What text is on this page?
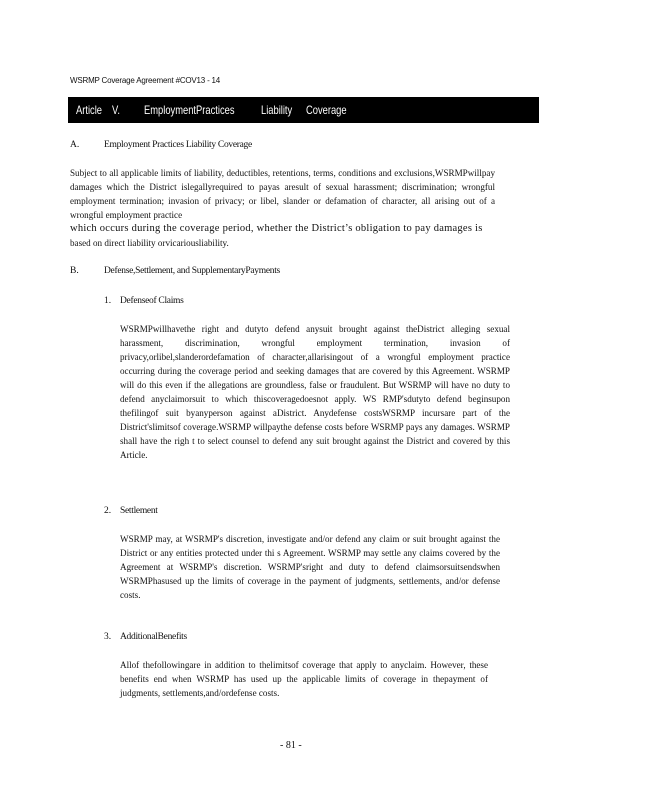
WSRMP Coverage Agreement #COV13 - 14
Article V. EmploymentPractices Liability Coverage
A.	Employment Practices Liability Coverage

Subject to all applicable limits of liability, deductibles, retentions, terms, conditions and exclusions,WSRMPwillpay damages which the District islegallyrequired to payas aresult of sexual harassment; discrimination; wrongful employment termination; invasion of privacy; or libel, slander or defamation of character, all arising out of a wrongful employment practice

which occurs during the coverage period, whether the District’s obligation to pay damages is

based on direct liability orvicariousliability.

B.	Defense,Settlement, and SupplementaryPayments
1. Defenseof Claims
WSRMPwillhavethe right and dutyto defend anysuit brought against theDistrict alleging sexual harassment, discrimination, wrongful employment termination, invasion of privacy,orlibel,slanderordefamation of character,allarisingout of a wrongful employment practice occurring during the coverage period and seeking damages that are covered by this Agreement. WSRMP will do this even if the allegations are groundless, false or fraudulent. But WSRMP will have no duty to defend anyclaimorsuit to which thiscoveragedoesnot apply. WS RMP'sdutyto defend beginsupon thefilingof suit byanyperson against aDistrict. Anydefense costsWSRMP incursare part of the District'slimitsof coverage.WSRMP willpaythe defense costs before WSRMP pays any damages. WSRMP shall have the righ t to select counsel to defend any suit brought against the District and covered by this Article.
2. Settlement
WSRMP may, at WSRMP's discretion, investigate and/or defend any claim or suit brought against the District or any entities protected under thi s Agreement. WSRMP may settle any claims covered by the Agreement at WSRMP's discretion. WSRMP'sright and duty to defend claimsorsuitsendswhen WSRMPhasused up the limits of coverage in the payment of judgments, settlements, and/or defense costs.
3. AdditionalBenefits
Allof thefollowingare in addition to thelimitsof coverage that apply to anyclaim. However, these benefits end when WSRMP has used up the applicable limits of coverage in thepayment of judgments, settlements,and/ordefense costs.
- 81 -
